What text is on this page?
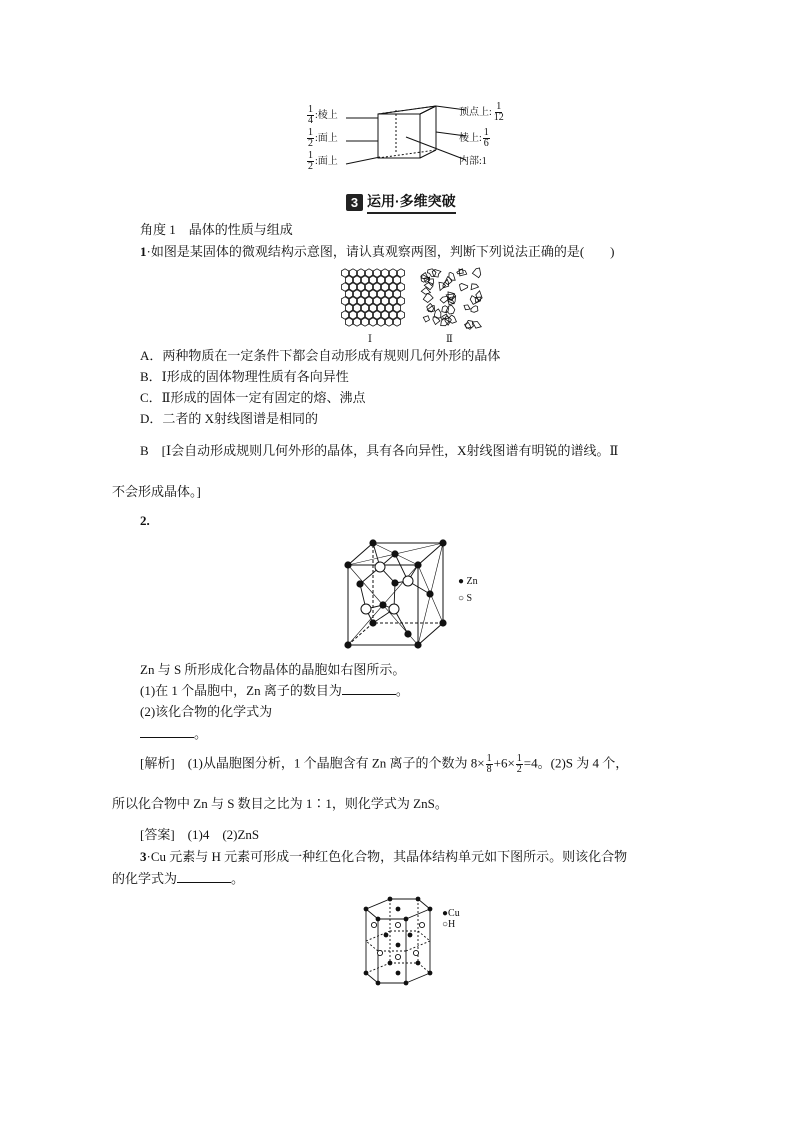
$\frac{1}{4}$ :棱上
$\frac{1}{2}$ :面上
$\frac{1}{2}$ :面上
顶点上: $\frac{1}{12}$
棱上: $\frac{1}{6}$
内部:1
3 运用·多维突破
角度 1　晶体的性质与组成
1·如图是某固体的微观结构示意图，请认真观察两图，判断下列说法正确的是(　　)
Ⅰ	Ⅱ
A．两种物质在一定条件下都会自动形成有规则几何外形的晶体
B．Ⅰ形成的固体物理性质有各向异性
C．Ⅱ形成的固体一定有固定的熔、沸点
D．二者的 X射线图谱是相同的
B　[Ⅰ会自动形成规则几何外形的晶体，具有各向异性，X射线图谱有明锐的谱线。Ⅱ
不会形成晶体。]
2.
● Zn
○ S
Zn 与 S 所形成化合物晶体的晶胞如右图所示。
(1)在 1 个晶胞中，Zn 离子的数目为	。
(2)该化合物的化学式为
。
[解析]　 (1)从晶胞图分析，1 个晶胞含有 Zn 离子的个数为 $8\times \frac{1}{8} +6\times \frac{1}{2} =4$。(2)S 为 4 个，
所以化合物中 Zn 与 S 数目之比为 1∶1，则化学式为 ZnS。
[答案]　(1)4　(2)ZnS
3·Cu 元素与 H 元素可形成一种红色化合物，其晶体结构单元如下图所示。则该化合物
的化学式为	。
●Cu
○H
